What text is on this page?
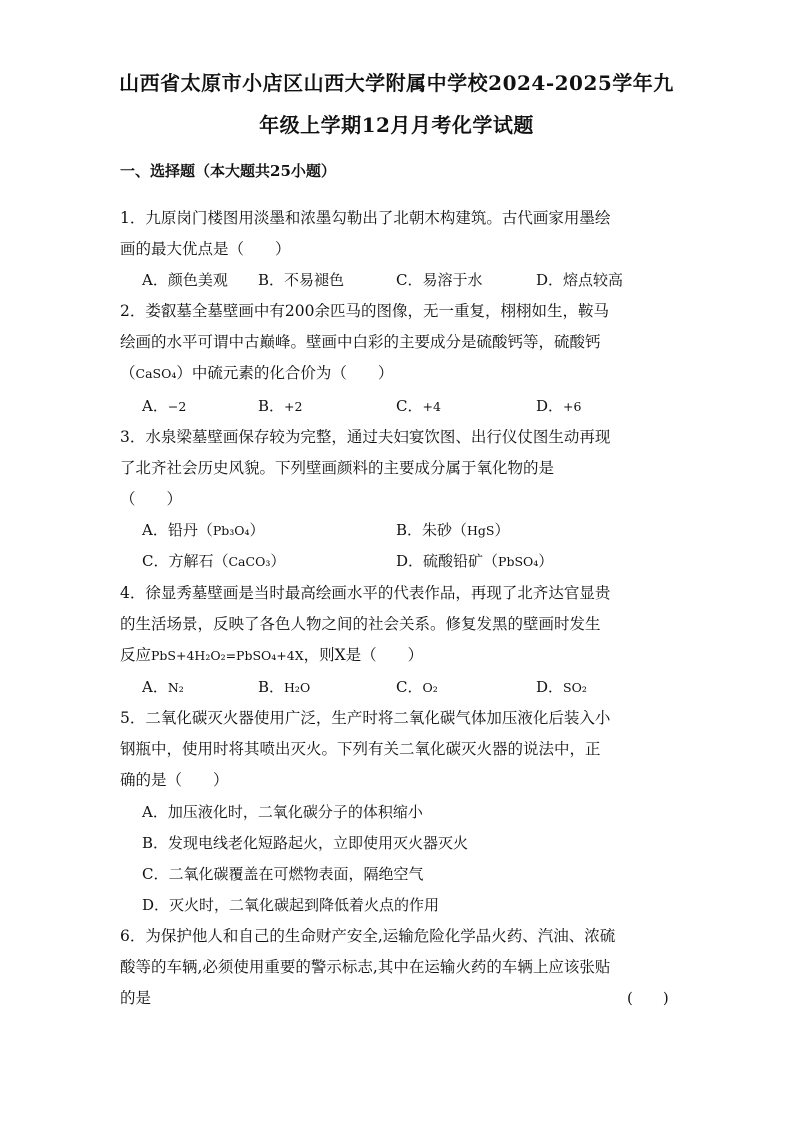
山西省太原市小店区山西大学附属中学校2024-2025学年九
年级上学期12月月考化学试题
一、选择题（本大题共25小题）
1．九原岗门楼图用淡墨和浓墨勾勒出了北朝木构建筑。古代画家用墨绘
画的最大优点是（　　）
A．颜色美观 B．不易褪色	C．易溶于水	D．熔点较高
2．娄叡墓全墓壁画中有200余匹马的图像，无一重复，栩栩如生，鞍马
绘画的水平可谓中古巅峰。壁画中白彩的主要成分是硫酸钙等，硫酸钙
（CaSO₄）中硫元素的化合价为（　　）
A．−2	B．+2	C．+4	D．+6
3．水泉梁墓壁画保存较为完整，通过夫妇宴饮图、出行仪仗图生动再现
了北齐社会历史风貌。下列壁画颜料的主要成分属于氧化物的是
（　　）
A．铅丹（Pb₃O₄）	B．朱砂（HgS）
C．方解石（CaCO₃）	D．硫酸铅矿（PbSO₄）
4．徐显秀墓壁画是当时最高绘画水平的代表作品，再现了北齐达官显贵
的生活场景，反映了各色人物之间的社会关系。修复发黑的壁画时发生
反应PbS+4H₂O₂=PbSO₄+4X，则X是（　　）
A．N₂	B．H₂O	C．O₂	D．SO₂
5．二氧化碳灭火器使用广泛，生产时将二氧化碳气体加压液化后装入小
钢瓶中，使用时将其喷出灭火。下列有关二氧化碳灭火器的说法中，正
确的是（　　）
A．加压液化时，二氧化碳分子的体积缩小
B．发现电线老化短路起火，立即使用灭火器灭火
C．二氧化碳覆盖在可燃物表面，隔绝空气
D．灭火时，二氧化碳起到降低着火点的作用
6．为保护他人和自己的生命财产安全,运输危险化学品火药、汽油、浓硫
酸等的车辆,必须使用重要的警示标志,其中在运输火药的车辆上应该张贴
的是	(　　)
